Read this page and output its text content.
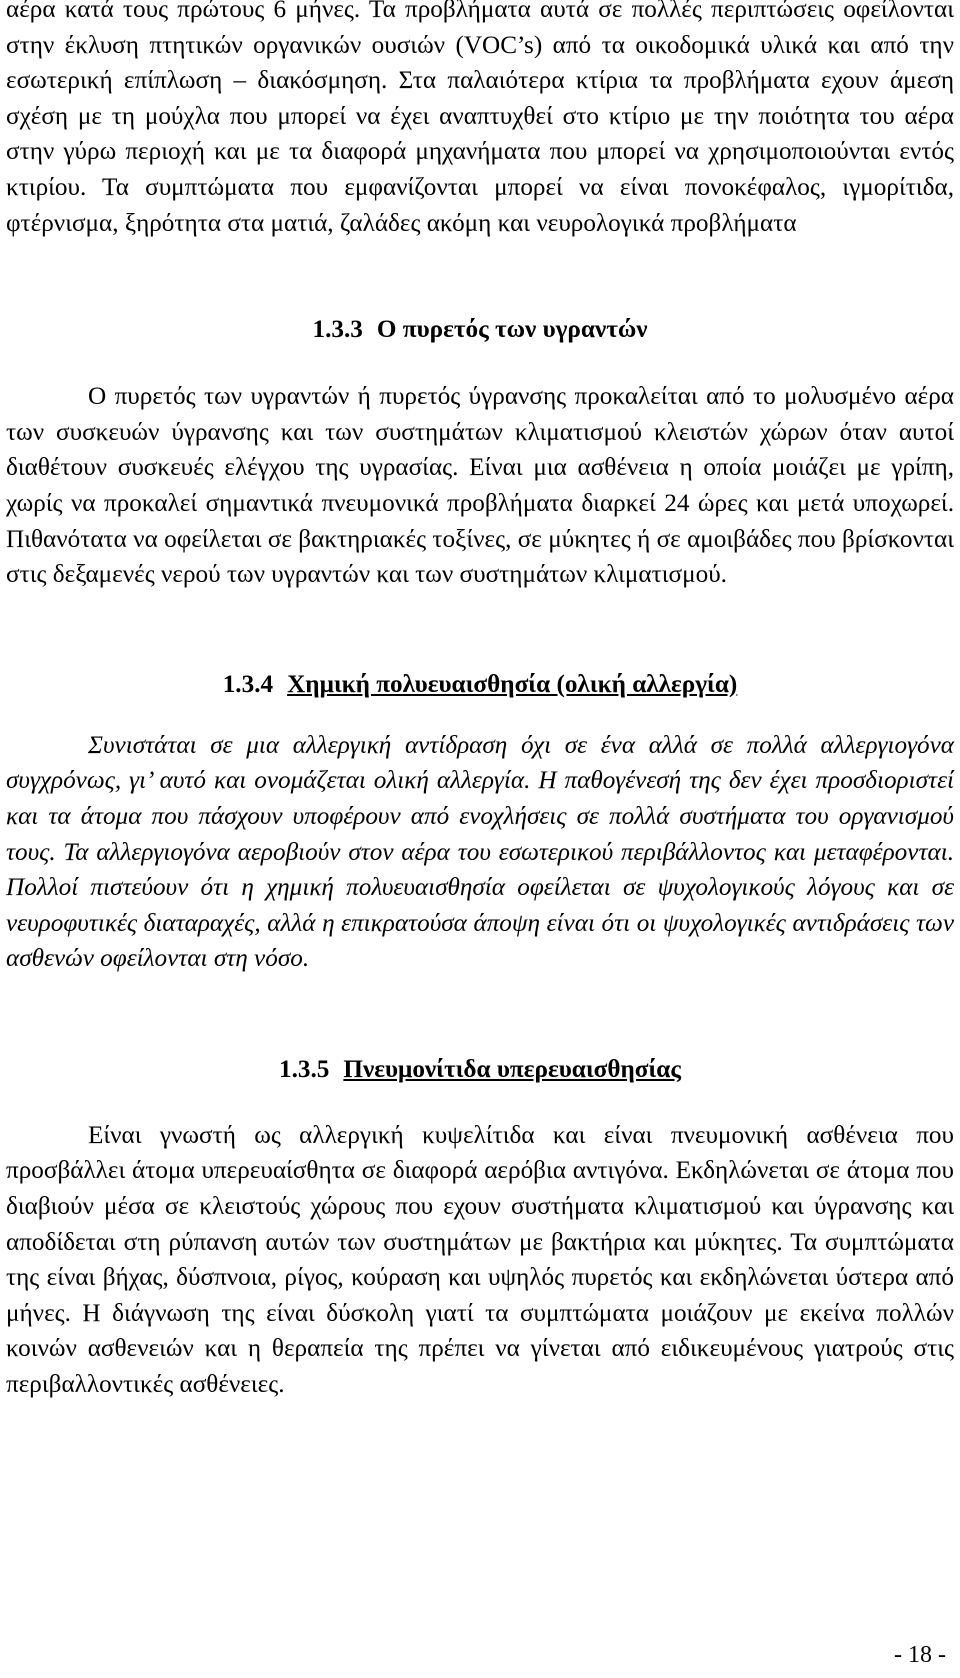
αέρα κατά τους πρώτους 6 μήνες. Τα προβλήματα αυτά σε πολλές περιπτώσεις οφείλονται στην έκλυση πτητικών οργανικών ουσιών (VOC’s) από τα οικοδομικά υλικά και από την εσωτερική επίπλωση – διακόσμηση. Στα παλαιότερα κτίρια τα προβλήματα εχουν άμεση σχέση με τη μούχλα που μπορεί να έχει αναπτυχθεί στο κτίριο με την ποιότητα του αέρα στην γύρω περιοχή και με τα διαφορά μηχανήματα που μπορεί να χρησιμοποιούνται εντός κτιρίου. Τα συμπτώματα που εμφανίζονται μπορεί να είναι πονοκέφαλος, ιγμορίτιδα, φτέρνισμα, ξηρότητα στα ματιά, ζαλάδες ακόμη και νευρολογικά προβλήματα

1.3.3 Ο πυρετός των υγραντών

Ο πυρετός των υγραντών ή πυρετός ύγρανσης προκαλείται από το μολυσμένο αέρα των συσκευών ύγρανσης και των συστημάτων κλιματισμού κλειστών χώρων όταν αυτοί διαθέτουν συσκευές ελέγχου της υγρασίας. Είναι μια ασθένεια η οποία μοιάζει με γρίπη, χωρίς να προκαλεί σημαντικά πνευμονικά προβλήματα διαρκεί 24 ώρες και μετά υποχωρεί. Πιθανότατα να οφείλεται σε βακτηριακές τοξίνες, σε μύκητες ή σε αμοιβάδες που βρίσκονται στις δεξαμενές νερού των υγραντών και των συστημάτων κλιματισμού.

1.3.4 Χημική πολυευαισθησία (ολική αλλεργία)

Συνιστάται σε μια αλλεργική αντίδραση όχι σε ένα αλλά σε πολλά αλλεργιογόνα συγχρόνως, γι’ αυτό και ονομάζεται ολική αλλεργία. Η παθογένεσή της δεν έχει προσδιοριστεί και τα άτομα που πάσχουν υποφέρουν από ενοχλήσεις σε πολλά συστήματα του οργανισμού τους. Τα αλλεργιογόνα αεροβιούν στον αέρα του εσωτερικού περιβάλλοντος και μεταφέρονται. Πολλοί πιστεύουν ότι η χημική πολυευαισθησία οφείλεται σε ψυχολογικούς λόγους και σε νευροφυτικές διαταραχές, αλλά η επικρατούσα άποψη είναι ότι οι ψυχολογικές αντιδράσεις των ασθενών οφείλονται στη νόσο.

1.3.5 Πνευμονίτιδα υπερευαισθησίας

Είναι γνωστή ως αλλεργική κυψελίτιδα και είναι πνευμονική ασθένεια που προσβάλλει άτομα υπερευαίσθητα σε διαφορά αερόβια αντιγόνα. Εκδηλώνεται σε άτομα που διαβιούν μέσα σε κλειστούς χώρους που εχουν συστήματα κλιματισμού και ύγρανσης και αποδίδεται στη ρύπανση αυτών των συστημάτων με βακτήρια και μύκητες. Τα συμπτώματα της είναι βήχας, δύσπνοια, ρίγος, κούραση και υψηλός πυρετός και εκδηλώνεται ύστερα από μήνες. Η διάγνωση της είναι δύσκολη γιατί τα συμπτώματα μοιάζουν με εκείνα πολλών κοινών ασθενειών και η θεραπεία της πρέπει να γίνεται από ειδικευμένους γιατρούς στις περιβαλλοντικές ασθένειες.

- 18 -
